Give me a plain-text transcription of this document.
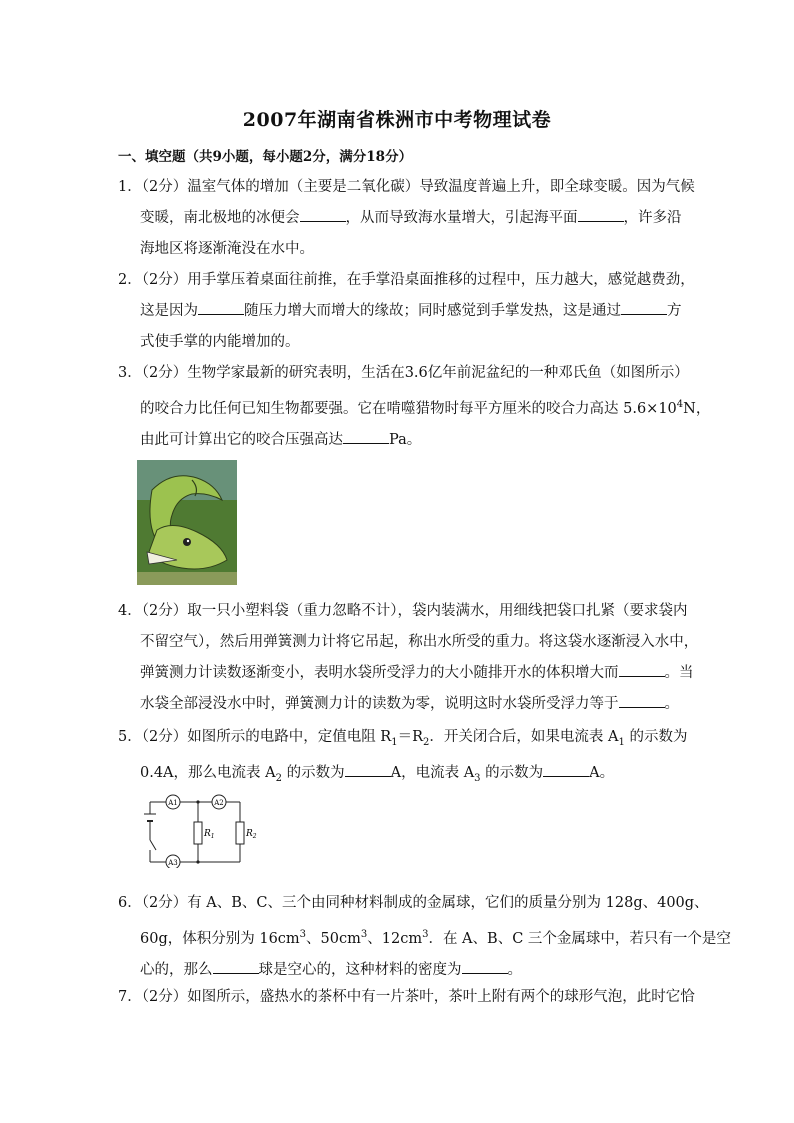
2007年湖南省株洲市中考物理试卷
一、填空题（共9小题，每小题2分，满分18分）
1．（2分）温室气体的增加（主要是二氧化碳）导致温度普遍上升，即全球变暖。因为气候
变暖，南北极地的冰便会	，从而导致海水量增大，引起海平面	，许多沿
海地区将逐渐淹没在水中。
2．（2分）用手掌压着桌面往前推，在手掌沿桌面推移的过程中，压力越大，感觉越费劲，
这是因为	随压力增大而增大的缘故；同时感觉到手掌发热，这是通过	方
式使手掌的内能增加的。
3．（2分）生物学家最新的研究表明，生活在3.6亿年前泥盆纪的一种邓氏鱼（如图所示）
的咬合力比任何已知生物都要强。它在啃噬猎物时每平方厘米的咬合力高达 $5.6\times 10^4N$，
由此可计算出它的咬合压强高达	Pa。
4．（2分）取一只小塑料袋（重力忽略不计），袋内装满水，用细线把袋口扎紧（要求袋内
不留空气），然后用弹簧测力计将它吊起，称出水所受的重力。将这袋水逐渐浸入水中，
弹簧测力计读数逐渐变小，表明水袋所受浮力的大小随排开水的体积增大而	。当
水袋全部浸没水中时，弹簧测力计的读数为零，说明这时水袋所受浮力等于	。
5．（2分）如图所示的电路中，定值电阻 $R_1=R_2$．开关闭合后，如果电流表 $A_1$ 的示数为
0.4A，那么电流表 $A_2$ 的示数为	A，电流表 $A_3$ 的示数为	A。
A1	A2
A3
$R_1$	$R_2$
6．（2分）有 A、B、C、三个由同种材料制成的金属球，它们的质量分别为 128g、400g、
60g，体积分别为 $16cm^3$、$50cm^3$、$12cm^3$．在 A、B、C 三个金属球中，若只有一个是空
心的，那么	球是空心的，这种材料的密度为	。
7．（2分）如图所示，盛热水的茶杯中有一片茶叶，茶叶上附有两个的球形气泡，此时它恰
